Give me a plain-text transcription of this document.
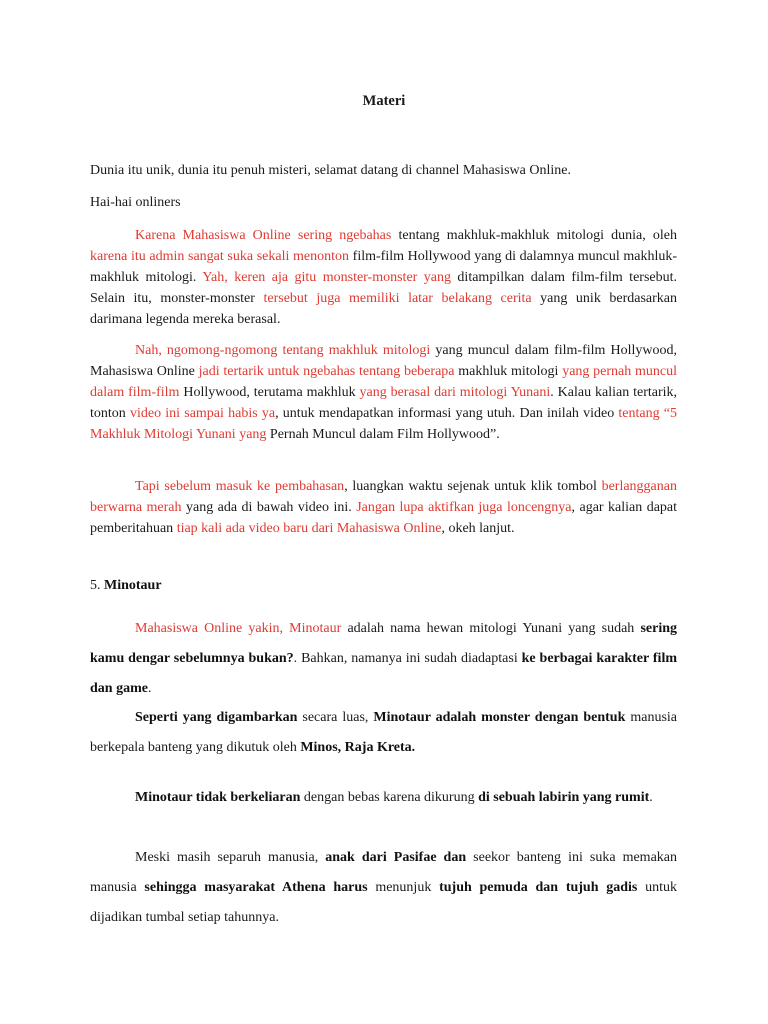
Materi

Dunia itu unik, dunia itu penuh misteri, selamat datang di channel Mahasiswa Online.

Hai-hai onliners

Karena Mahasiswa Online sering ngebahas tentang makhluk-makhluk mitologi dunia, oleh karena itu admin sangat suka sekali menonton film-film Hollywood yang di dalamnya muncul makhluk-makhluk mitologi. Yah, keren aja gitu monster-monster yang ditampilkan dalam film-film tersebut. Selain itu, monster-monster tersebut juga memiliki latar belakang cerita yang unik berdasarkan darimana legenda mereka berasal.

Nah, ngomong-ngomong tentang makhluk mitologi yang muncul dalam film-film Hollywood, Mahasiswa Online jadi tertarik untuk ngebahas tentang beberapa makhluk mitologi yang pernah muncul dalam film-film Hollywood, terutama makhluk yang berasal dari mitologi Yunani. Kalau kalian tertarik, tonton video ini sampai habis ya, untuk mendapatkan informasi yang utuh. Dan inilah video tentang “5 Makhluk Mitologi Yunani yang Pernah Muncul dalam Film Hollywood”.

Tapi sebelum masuk ke pembahasan, luangkan waktu sejenak untuk klik tombol berlangganan berwarna merah yang ada di bawah video ini. Jangan lupa aktifkan juga loncengnya, agar kalian dapat pemberitahuan tiap kali ada video baru dari Mahasiswa Online, okeh lanjut.

5. Minotaur

Mahasiswa Online yakin, Minotaur adalah nama hewan mitologi Yunani yang sudah sering kamu dengar sebelumnya bukan?. Bahkan, namanya ini sudah diadaptasi ke berbagai karakter film dan game.

Seperti yang digambarkan secara luas, Minotaur adalah monster dengan bentuk manusia berkepala banteng yang dikutuk oleh Minos, Raja Kreta.

Minotaur tidak berkeliaran dengan bebas karena dikurung di sebuah labirin yang rumit.

Meski masih separuh manusia, anak dari Pasifae dan seekor banteng ini suka memakan manusia sehingga masyarakat Athena harus menunjuk tujuh pemuda dan tujuh gadis untuk dijadikan tumbal setiap tahunnya.
